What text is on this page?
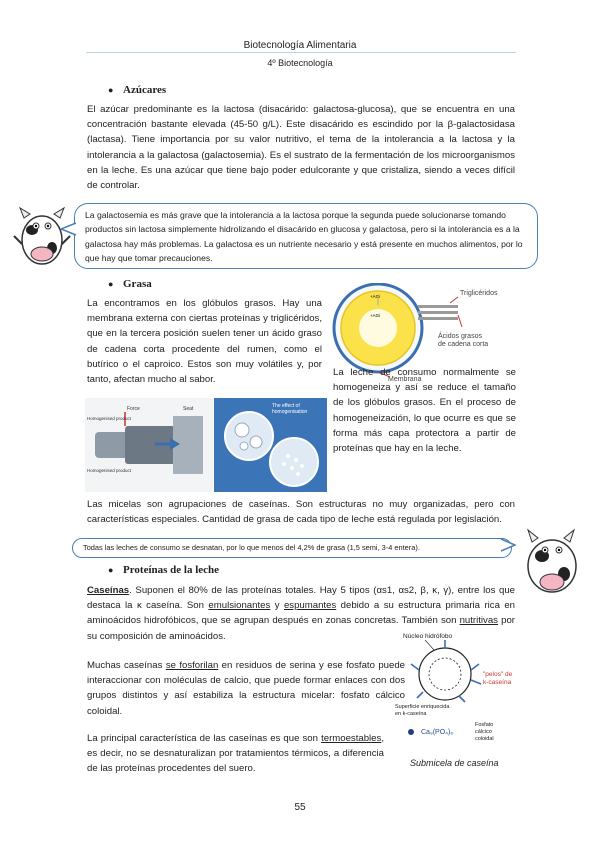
Biotecnología Alimentaria
4º Biotecnología
● Azúcares
El azúcar predominante es la lactosa (disacárido: galactosa-glucosa), que se encuentra en una concentración bastante elevada (45-50 g/L). Este disacárido es escindido por la β-galactosidasa (lactasa). Tiene importancia por su valor nutritivo, el tema de la intolerancia a la lactosa y la intolerancia a la galactosa (galactosemia). Es el sustrato de la fermentación de los microorganismos en la leche. Es una azúcar que tiene bajo poder edulcorante y que cristaliza, siendo a veces difícil de controlar.
La galactosemia es más grave que la intolerancia a la lactosa porque la segunda puede solucionarse tomando productos sin lactosa simplemente hidrolizando el disacárido en glucosa y galactosa, pero si la intolerancia es a la galactosa hay más problemas. La galactosa es un nutriente necesario y está presente en muchos alimentos, por lo que hay que tomar precauciones.
● Grasa
La encontramos en los glóbulos grasos. Hay una membrana externa con ciertas proteínas y triglicéridos, que en la tercera posición suelen tener un ácido graso de cadena corta procedente del rumen, como el butírico o el caproico. Estos son muy volátiles y, por tanto, afectan mucho al sabor.
+AGi
+AGi
Triglicéridos
Ácidos grasos
de cadena corta
Membrana
Force	Seat
Homogenised product
Homogenised product
The effect of
homogenisation
La leche de consumo normalmente se homogeneiza y así se reduce el tamaño de los glóbulos grasos. En el proceso de homogeneización, lo que ocurre es que se forma más capa protectora a partir de proteínas que hay en la leche.
Las micelas son agrupaciones de caseínas. Son estructuras no muy organizadas, pero con características especiales. Cantidad de grasa de cada tipo de leche está regulada por legislación.
Todas las leches de consumo se desnatan, por lo que menos del 4,2% de grasa (1,5 semi, 3-4 entera).
● Proteínas de la leche
Caseínas. Suponen el 80% de las proteínas totales. Hay 5 tipos (αs1, αs2, β, κ, γ), entre los que destaca la κ caseína. Son emulsionantes y espumantes debido a su estructura primaria rica en aminoácidos hidrofóbicos, que se agrupan después en zonas concretas. También son nutritivas por su composición de aminoácidos.
Muchas caseínas se fosforilan en residuos de serina y ese fosfato puede interaccionar con moléculas de calcio, que puede formar enlaces con dos grupos distintos y así estabiliza la estructura micelar: fosfato cálcico coloidal.
La principal característica de las caseínas es que son termoestables, es decir, no se desnaturalizan por tratamientos térmicos, a diferencia de las proteínas procedentes del suero.
Núcleo hidrófobo
"pelos" de
k-caseína
Superficie enriquecida
en k-caseína
Ca₉(PO₄)₆
Fosfato
cálcico
coloidal
Submicela de caseína
55
